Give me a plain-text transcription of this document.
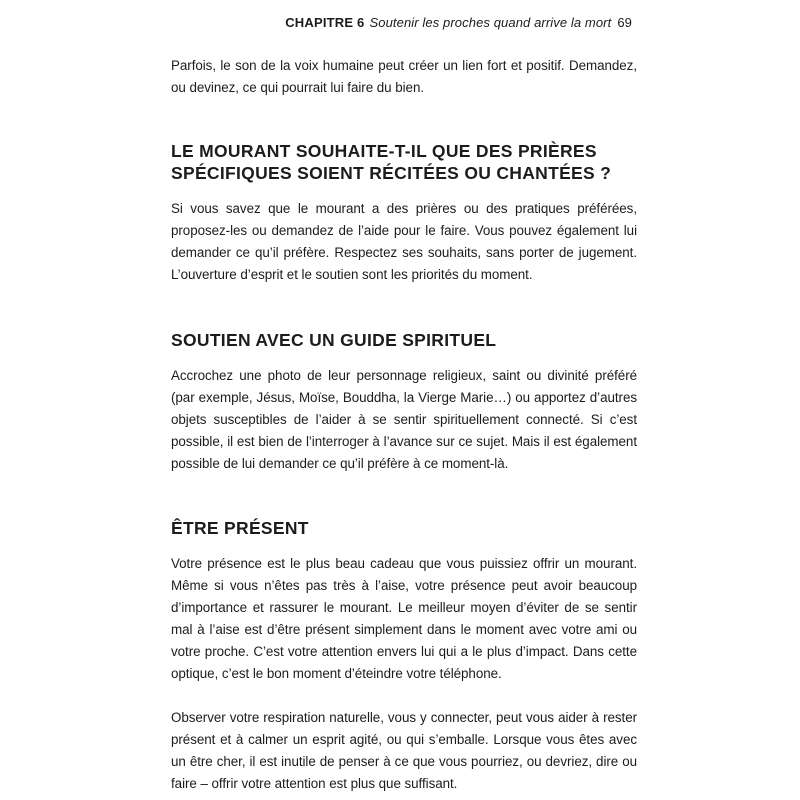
CHAPITRE 6 Soutenir les proches quand arrive la mort 69

Parfois, le son de la voix humaine peut créer un lien fort et positif. Demandez, ou devinez, ce qui pourrait lui faire du bien.

LE MOURANT SOUHAITE-T-IL QUE DES PRIÈRES SPÉCIFIQUES SOIENT RÉCITÉES OU CHANTÉES ?

Si vous savez que le mourant a des prières ou des pratiques préférées, proposez-les ou demandez de l’aide pour le faire. Vous pouvez également lui demander ce qu’il préfère. Respectez ses souhaits, sans porter de jugement. L’ouverture d’esprit et le soutien sont les priorités du moment.

SOUTIEN AVEC UN GUIDE SPIRITUEL

Accrochez une photo de leur personnage religieux, saint ou divinité préféré (par exemple, Jésus, Moïse, Bouddha, la Vierge Marie…) ou apportez d’autres objets susceptibles de l’aider à se sentir spirituellement connecté. Si c’est possible, il est bien de l’interroger à l’avance sur ce sujet. Mais il est également possible de lui demander ce qu’il préfère à ce moment-là.

ÊTRE PRÉSENT

Votre présence est le plus beau cadeau que vous puissiez offrir un mourant. Même si vous n’êtes pas très à l’aise, votre présence peut avoir beaucoup d’importance et rassurer le mourant. Le meilleur moyen d’éviter de se sentir mal à l’aise est d’être présent simplement dans le moment avec votre ami ou votre proche. C’est votre attention envers lui qui a le plus d’impact. Dans cette optique, c’est le bon moment d’éteindre votre téléphone.

Observer votre respiration naturelle, vous y connecter, peut vous aider à rester présent et à calmer un esprit agité, ou qui s’emballe. Lorsque vous êtes avec un être cher, il est inutile de penser à ce que vous pourriez, ou devriez, dire ou faire – offrir votre attention est plus que suffisant.
